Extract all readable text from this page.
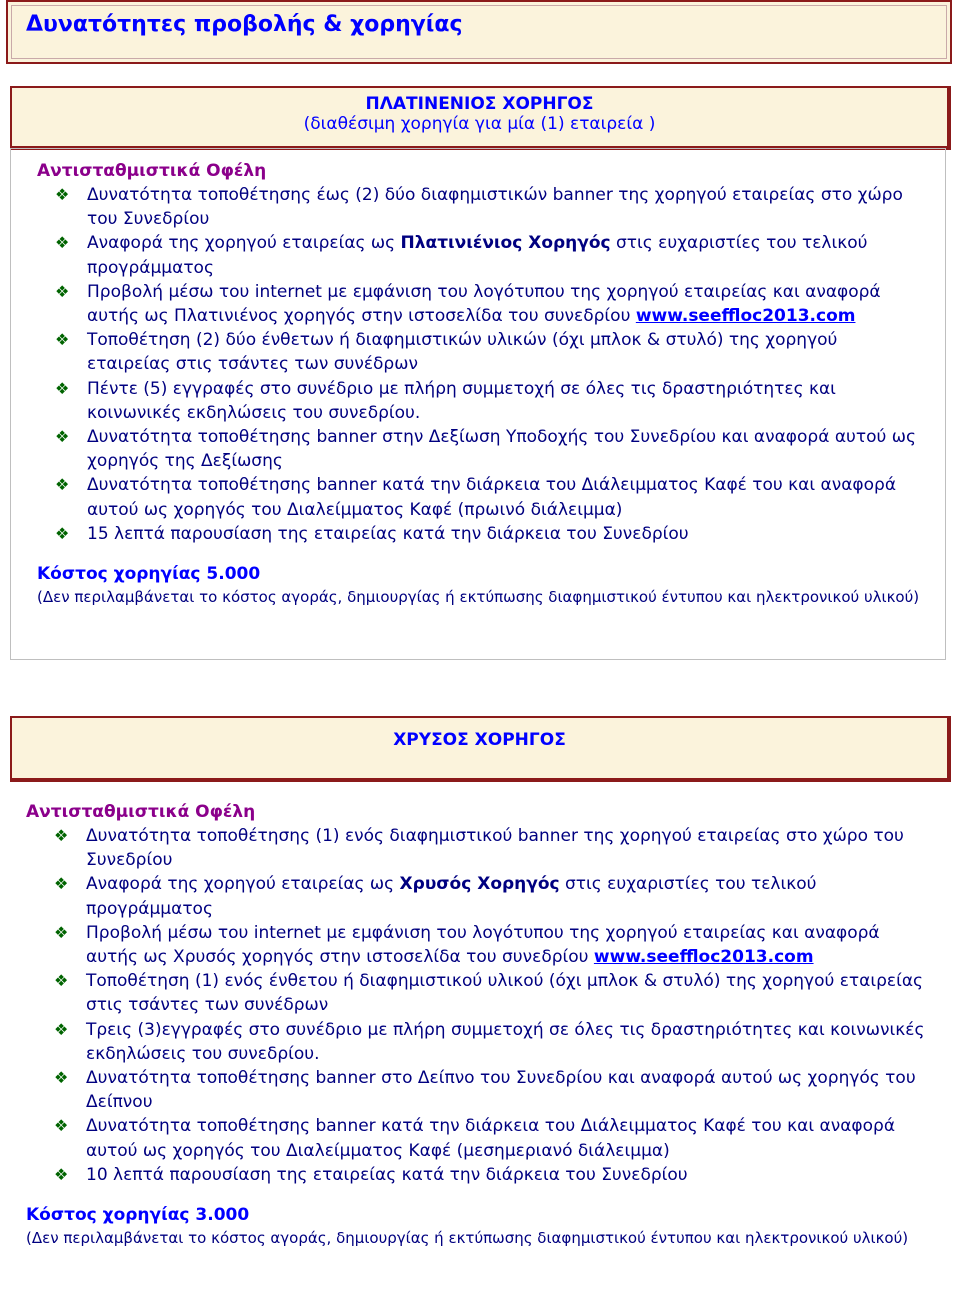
Δυνατότητες προβολής & χορηγίας
ΠΛΑΤΙΝΕΝΙΟΣ ΧΟΡΗΓΟΣ
(διαθέσιμη χορηγία για μία (1) εταιρεία )
Αντισταθμιστικά Οφέλη
❖ Δυνατότητα τοποθέτησης έως (2) δύο διαφημιστικών banner της χορηγού εταιρείας στο χώρο του Συνεδρίου
❖ Αναφορά της χορηγού εταιρείας ως Πλατινιένιος Χορηγός στις ευχαριστίες του τελικού προγράμματος
❖ Προβολή μέσω του internet με εμφάνιση του λογότυπου της χορηγού εταιρείας και αναφορά αυτής ως Πλατινιένος χορηγός στην ιστοσελίδα του συνεδρίου www.seeffloc2013.com
❖ Τοποθέτηση (2) δύο ένθετων ή διαφημιστικών υλικών (όχι μπλοκ & στυλό) της χορηγού εταιρείας στις τσάντες των συνέδρων
❖ Πέντε (5) εγγραφές στο συνέδριο με πλήρη συμμετοχή σε όλες τις δραστηριότητες και κοινωνικές εκδηλώσεις του συνεδρίου.
❖ Δυνατότητα τοποθέτησης banner στην Δεξίωση Υποδοχής του Συνεδρίου και αναφορά αυτού ως χορηγός της Δεξίωσης
❖ Δυνατότητα τοποθέτησης banner κατά την διάρκεια του Διάλειμματος Καφέ του και αναφορά αυτού ως χορηγός του Διαλείμματος Καφέ (πρωινό διάλειμμα)
❖ 15 λεπτά παρουσίαση της εταιρείας κατά την διάρκεια του Συνεδρίου
Κόστος χορηγίας 5.000
(Δεν περιλαμβάνεται το κόστος αγοράς, δημιουργίας ή εκτύπωσης διαφημιστικού έντυπου και ηλεκτρονικού υλικού)
ΧΡΥΣΟΣ ΧΟΡΗΓΟΣ
Αντισταθμιστικά Οφέλη
❖ Δυνατότητα τοποθέτησης (1) ενός διαφημιστικού banner της χορηγού εταιρείας στο χώρο του Συνεδρίου
❖ Αναφορά της χορηγού εταιρείας ως Χρυσός Χορηγός στις ευχαριστίες του τελικού προγράμματος
❖ Προβολή μέσω του internet με εμφάνιση του λογότυπου της χορηγού εταιρείας και αναφορά αυτής ως Χρυσός χορηγός στην ιστοσελίδα του συνεδρίου www.seeffloc2013.com
❖ Τοποθέτηση (1) ενός ένθετου ή διαφημιστικού υλικού (όχι μπλοκ & στυλό) της χορηγού εταιρείας στις τσάντες των συνέδρων
❖ Τρεις (3)εγγραφές στο συνέδριο με πλήρη συμμετοχή σε όλες τις δραστηριότητες και κοινωνικές εκδηλώσεις του συνεδρίου.
❖ Δυνατότητα τοποθέτησης banner στο Δείπνο του Συνεδρίου και αναφορά αυτού ως χορηγός του Δείπνου
❖ Δυνατότητα τοποθέτησης banner κατά την διάρκεια του Διάλειμματος Καφέ του και αναφορά αυτού ως χορηγός του Διαλείμματος Καφέ (μεσημεριανό διάλειμμα)
❖ 10 λεπτά παρουσίαση της εταιρείας κατά την διάρκεια του Συνεδρίου
Κόστος χορηγίας 3.000
(Δεν περιλαμβάνεται το κόστος αγοράς, δημιουργίας ή εκτύπωσης διαφημιστικού έντυπου και ηλεκτρονικού υλικού)
